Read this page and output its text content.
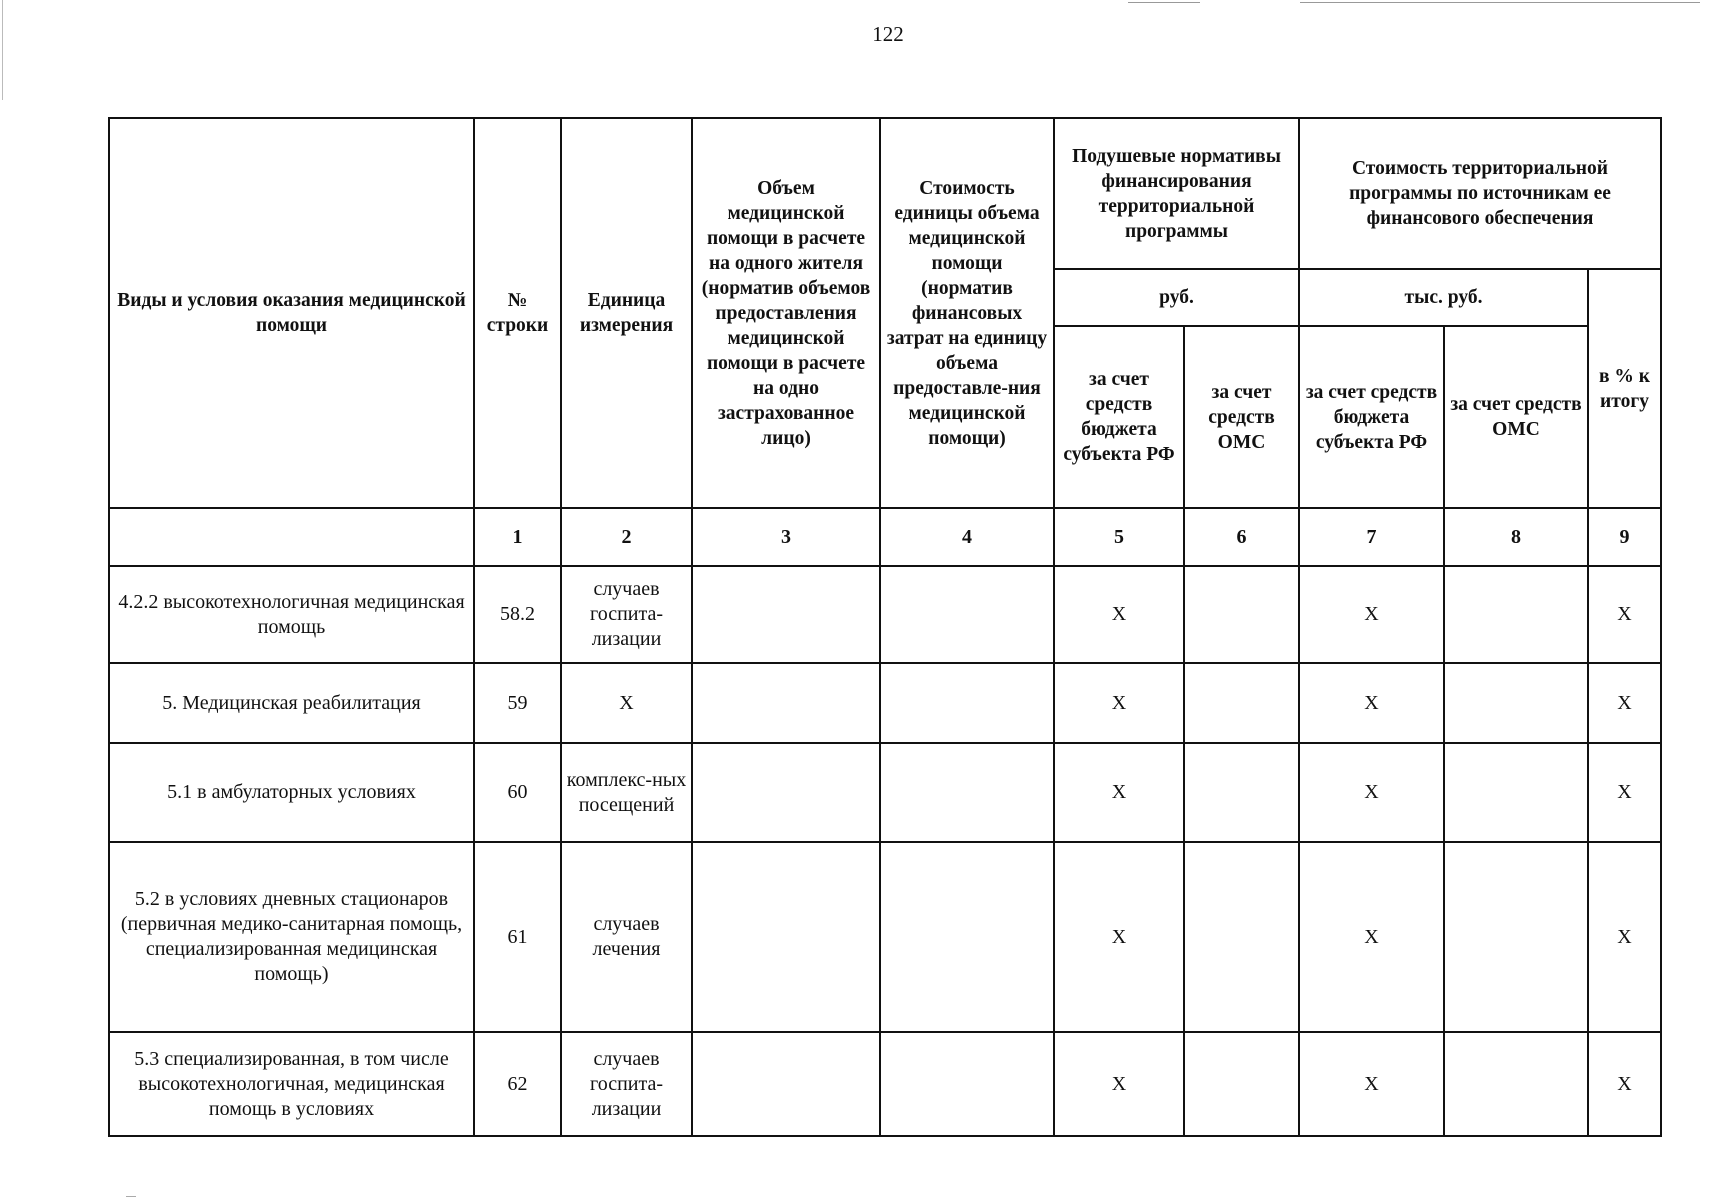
122
Виды и условия оказания медицинской помощи	№ строки	Единица измерения	Объем медицинской помощи в расчете на одного жителя (норматив объемов предоставления медицинской помощи в расчете на одно застрахованное лицо)	Стоимость единицы объема медицинской помощи (норматив финансовых затрат на единицу объема предоставле-ния медицинской помощи)	Подушевые нормативы финансирования территориальной программы		Стоимость территориальной программы по источникам ее финансового обеспечения		
					руб.		тыс. руб.		в % к итогу
					за счет средств бюджета субъекта РФ	за счет средств ОМС	за счет средств бюджета субъекта РФ	за счет средств ОМС	
	1	2	3	4	5	6	7	8	9
4.2.2 высокотехнологичная медицинская помощь	58.2	случаев госпита-лизации			Х		Х		Х
5. Медицинская реабилитация	59	Х			Х		Х		Х
5.1 в амбулаторных условиях	60	комплекс-ных посещений			Х		Х		Х
5.2 в условиях дневных стационаров (первичная медико-санитарная помощь, специализированная медицинская помощь)	61	случаев лечения			Х		Х		Х
5.3 специализированная, в том числе высокотехнологичная, медицинская помощь в условиях	62	случаев госпита-лизации			Х		Х		Х
